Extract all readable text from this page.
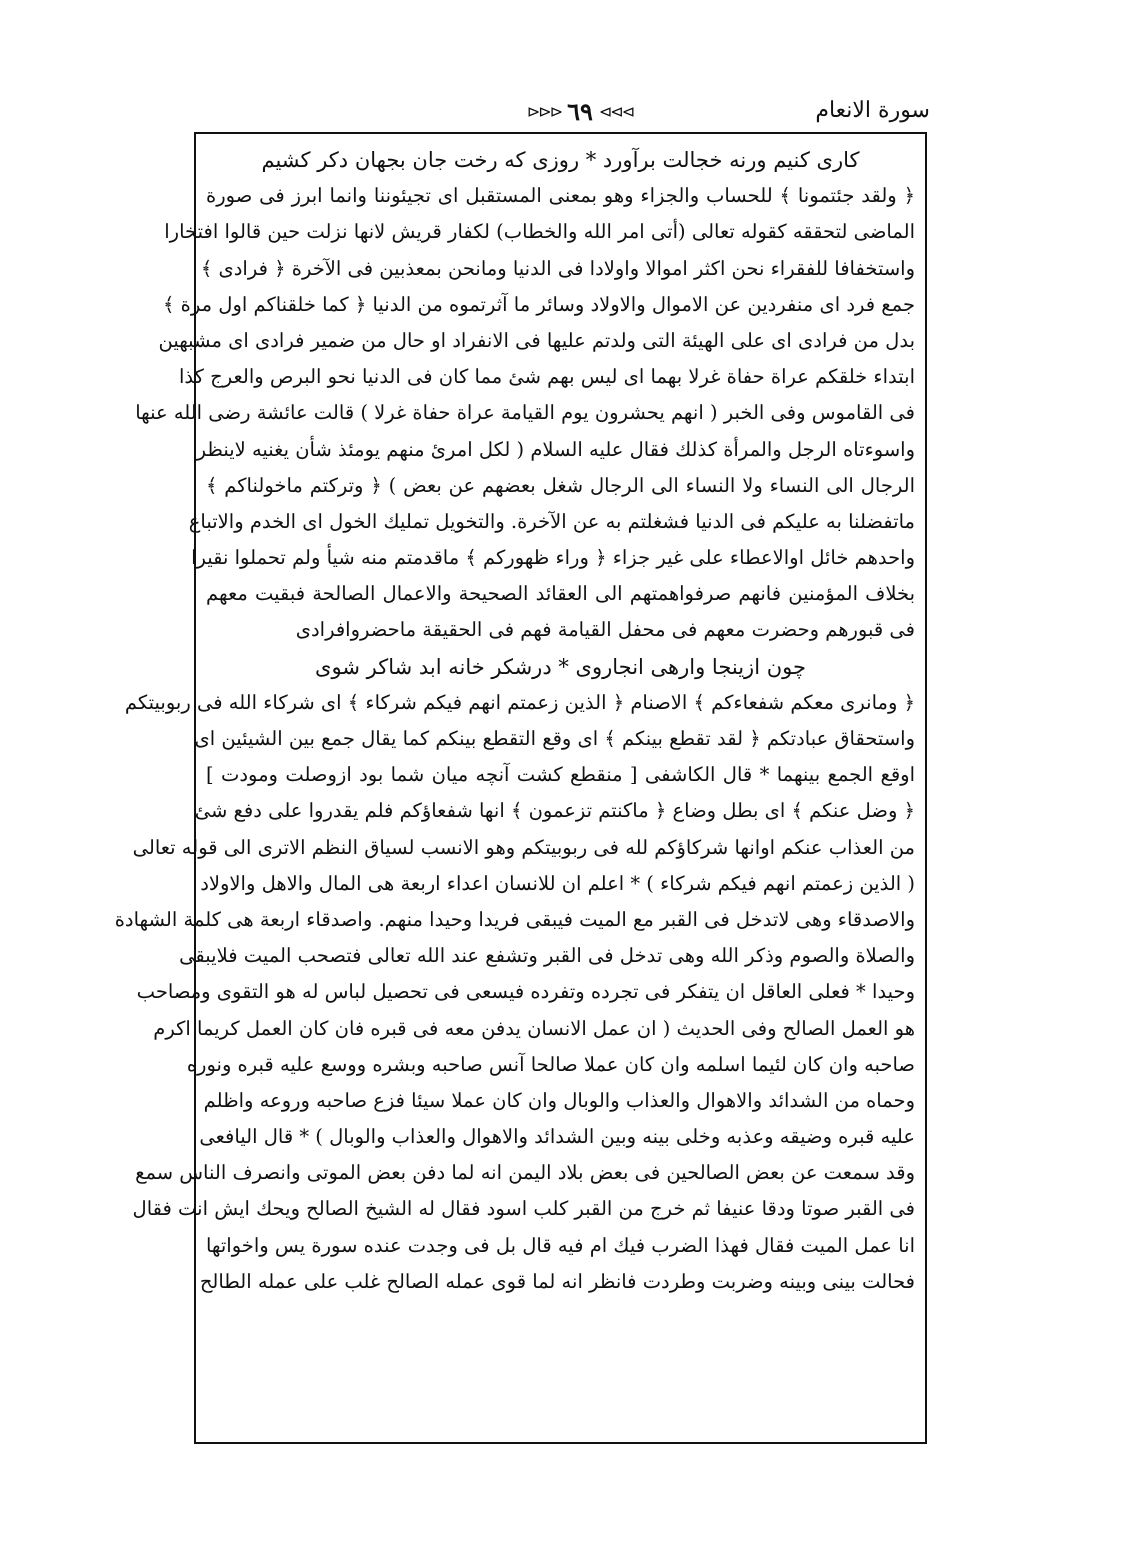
سورة الانعام
⊳⊳⊳ ٦٩ ⊲⊲⊲
كارى كنيم ورنه خجالت برآورد * روزى كه رخت جان بجهان دكر كشيم
﴿ ولقد جئتمونا ﴾ للحساب والجزاء وهو بمعنى المستقبل اى تجيئوننا وانما ابرز فى صورة
الماضى لتحققه كقوله تعالى (أتى امر الله والخطاب) لكفار قريش لانها نزلت حين قالوا افتخارا
واستخفافا للفقراء نحن اكثر اموالا واولادا فى الدنيا ومانحن بمعذبين فى الآخرة ﴿ فرادى ﴾
جمع فرد اى منفردين عن الاموال والاولاد وسائر ما آثرتموه من الدنيا ﴿ كما خلقناكم اول مرة ﴾
بدل من فرادى اى على الهيئة التى ولدتم عليها فى الانفراد او حال من ضمير فرادى اى مشبهين
ابتداء خلقكم عراة حفاة غرلا بهما اى ليس بهم شئ مما كان فى الدنيا نحو البرص والعرج كذا
فى القاموس وفى الخبر ( انهم يحشرون يوم القيامة عراة حفاة غرلا ) قالت عائشة رضى الله عنها
واسوءتاه الرجل والمرأة كذلك فقال عليه السلام ( لكل امرئ منهم يومئذ شأن يغنيه لاينظر
الرجال الى النساء ولا النساء الى الرجال شغل بعضهم عن بعض ) ﴿ وتركتم ماخولناكم ﴾
ماتفضلنا به عليكم فى الدنيا فشغلتم به عن الآخرة. والتخويل تمليك الخول اى الخدم والاتباع
واحدهم خائل اوالاعطاء على غير جزاء ﴿ وراء ظهوركم ﴾ ماقدمتم منه شيأ ولم تحملوا نقيرا
بخلاف المؤمنين فانهم صرفواهمتهم الى العقائد الصحيحة والاعمال الصالحة فبقيت معهم
فى قبورهم وحضرت معهم فى محفل القيامة فهم فى الحقيقة ماحضروافرادى
چون ازينجا وارهى انجاروى * درشكر خانه ابد شاكر شوى
﴿ ومانرى معكم شفعاءكم ﴾ الاصنام ﴿ الذين زعمتم انهم فيكم شركاء ﴾ اى شركاء الله فى ربوبيتكم
واستحقاق عبادتكم ﴿ لقد تقطع بينكم ﴾ اى وقع التقطع بينكم كما يقال جمع بين الشيئين اى
اوقع الجمع بينهما * قال الكاشفى [ منقطع كشت آنچه ميان شما بود ازوصلت ومودت ]
﴿ وضل عنكم ﴾ اى بطل وضاع ﴿ ماكنتم تزعمون ﴾ انها شفعاؤكم فلم يقدروا على دفع شئ
من العذاب عنكم اوانها شركاؤكم لله فى ربوبيتكم وهو الانسب لسياق النظم الاترى الى قوله تعالى
( الذين زعمتم انهم فيكم شركاء ) * اعلم ان للانسان اعداء اربعة هى المال والاهل والاولاد
والاصدقاء وهى لاتدخل فى القبر مع الميت فيبقى فريدا وحيدا منهم. واصدقاء اربعة هى كلمة الشهادة
والصلاة والصوم وذكر الله وهى تدخل فى القبر وتشفع عند الله تعالى فتصحب الميت فلايبقى
وحيدا * فعلى العاقل ان يتفكر فى تجرده وتفرده فيسعى فى تحصيل لباس له هو التقوى ومصاحب
هو العمل الصالح وفى الحديث ( ان عمل الانسان يدفن معه فى قبره فان كان العمل كريما اكرم
صاحبه وان كان لئيما اسلمه وان كان عملا صالحا آنس صاحبه وبشره ووسع عليه قبره ونوره
وحماه من الشدائد والاهوال والعذاب والوبال وان كان عملا سيئا فزع صاحبه وروعه واظلم
عليه قبره وضيقه وعذبه وخلى بينه وبين الشدائد والاهوال والعذاب والوبال ) * قال اليافعى
وقد سمعت عن بعض الصالحين فى بعض بلاد اليمن انه لما دفن بعض الموتى وانصرف الناس سمع
فى القبر صوتا ودقا عنيفا ثم خرج من القبر كلب اسود فقال له الشيخ الصالح ويحك ايش انت فقال
انا عمل الميت فقال فهذا الضرب فيك ام فيه قال بل فى وجدت عنده سورة يس واخواتها
فحالت بينى وبينه وضربت وطردت فانظر انه لما قوى عمله الصالح غلب على عمله الطالح
